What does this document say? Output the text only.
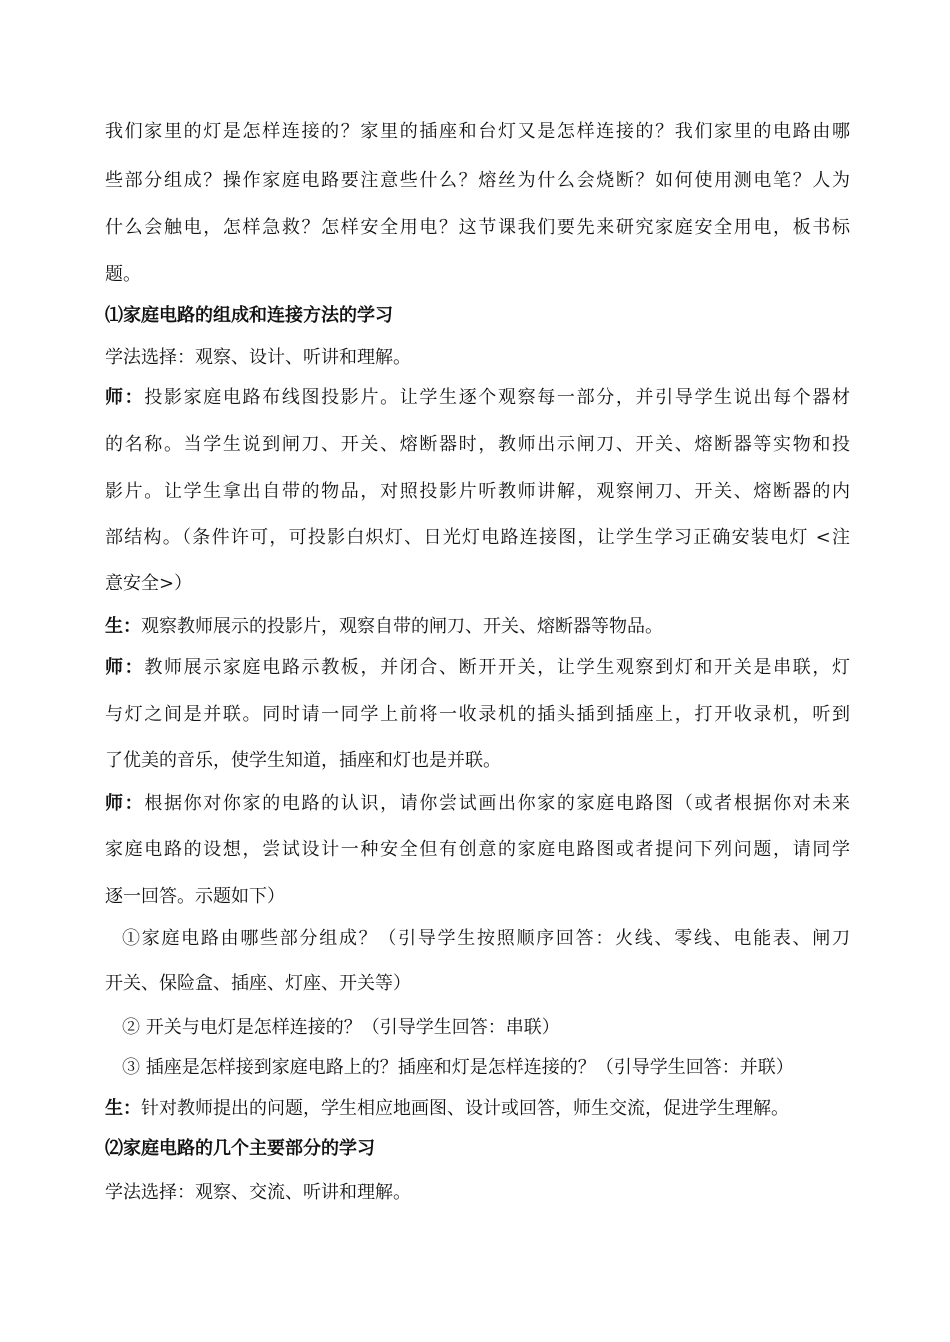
我们家里的灯是怎样连接的？家里的插座和台灯又是怎样连接的？我们家里的电路由哪
些部分组成？操作家庭电路要注意些什么？熔丝为什么会烧断？如何使用测电笔？人为
什么会触电，怎样急救？怎样安全用电？这节课我们要先来研究家庭安全用电，板书标
题。
⑴家庭电路的组成和连接方法的学习
学法选择：观察、设计、听讲和理解。
师：投影家庭电路布线图投影片。让学生逐个观察每一部分，并引导学生说出每个器材
的名称。当学生说到闸刀、开关、熔断器时，教师出示闸刀、开关、熔断器等实物和投
影片。让学生拿出自带的物品，对照投影片听教师讲解，观察闸刀、开关、熔断器的内
部结构。（条件许可，可投影白炽灯、日光灯电路连接图，让学生学习正确安装电灯 <注
意安全>）
生：观察教师展示的投影片，观察自带的闸刀、开关、熔断器等物品。
师：教师展示家庭电路示教板，并闭合、断开开关，让学生观察到灯和开关是串联，灯
与灯之间是并联。同时请一同学上前将一收录机的插头插到插座上，打开收录机，听到
了优美的音乐，使学生知道，插座和灯也是并联。
师：根据你对你家的电路的认识，请你尝试画出你家的家庭电路图（或者根据你对未来
家庭电路的设想，尝试设计一种安全但有创意的家庭电路图或者提问下列问题，请同学
逐一回答。示题如下）
①家庭电路由哪些部分组成？（引导学生按照顺序回答：火线、零线、电能表、闸刀
开关、保险盒、插座、灯座、开关等）
② 开关与电灯是怎样连接的？（引导学生回答：串联）
③ 插座是怎样接到家庭电路上的？插座和灯是怎样连接的？（引导学生回答：并联）
生：针对教师提出的问题，学生相应地画图、设计或回答，师生交流，促进学生理解。
⑵家庭电路的几个主要部分的学习
学法选择：观察、交流、听讲和理解。
